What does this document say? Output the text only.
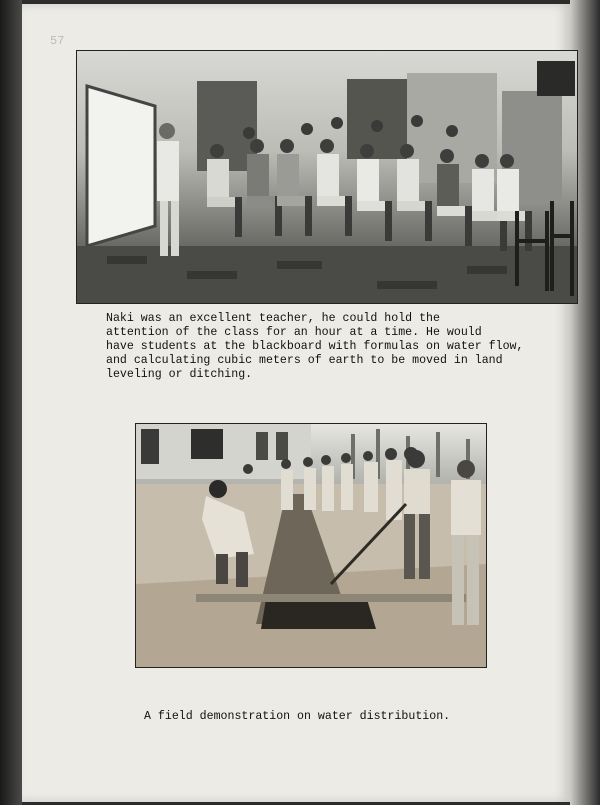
57
Naki was an excellent teacher, he could hold the
attention of the class for an hour at a time. He would
have students at the blackboard with formulas on water flow,
and calculating cubic meters of earth to be moved in land
leveling or ditching.
A field demonstration on water distribution.
